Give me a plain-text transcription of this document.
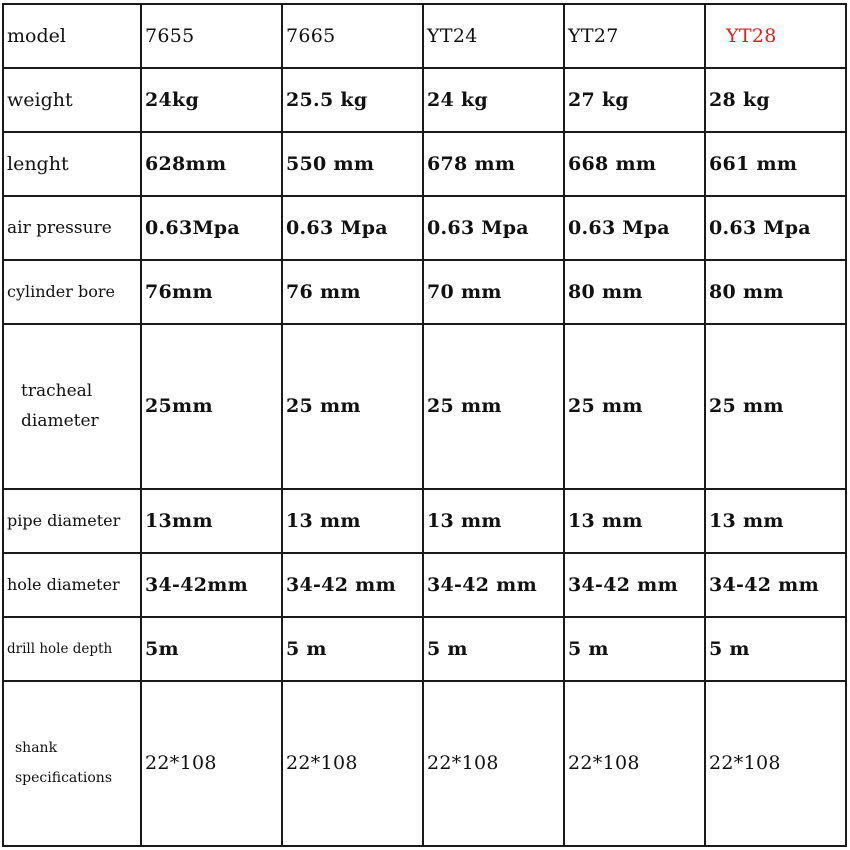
model	7655	7665	YT24	YT27	YT28
weight	24kg	25.5 kg	24 kg	27 kg	28 kg
lenght	628mm	550 mm	678 mm	668 mm	661 mm
air pressure	0.63Mpa	0.63 Mpa	0.63 Mpa	0.63 Mpa	0.63 Mpa
cylinder bore	76mm	76 mm	70 mm	80 mm	80 mm

tracheal
diameter	25mm	25 mm	25 mm	25 mm	25 mm
pipe diameter	13mm	13 mm	13 mm	13 mm	13 mm
hole diameter	34-42mm	34-42 mm	34-42 mm	34-42 mm	34-42 mm
drill hole depth	5m	5 m	5 m	5 m	5 m

shank
specifications	22*108	22*108	22*108	22*108	22*108
